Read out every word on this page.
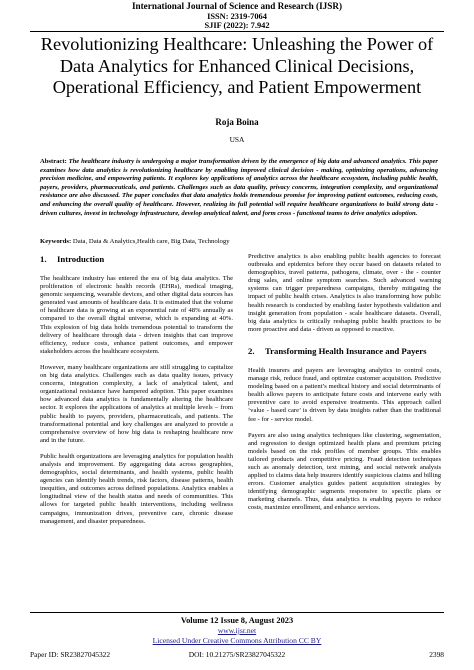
International Journal of Science and Research (IJSR)
ISSN: 2319-7064
SJIF (2022): 7.942
Revolutionizing Healthcare: Unleashing the Power of Data Analytics for Enhanced Clinical Decisions, Operational Efficiency, and Patient Empowerment
Roja Boina
USA
Abstract: The healthcare industry is undergoing a major transformation driven by the emergence of big data and advanced analytics. This paper examines how data analytics is revolutionizing healthcare by enabling improved clinical decision - making, optimizing operations, advancing precision medicine, and empowering patients. It explores key applications of analytics across the healthcare ecosystem, including public health, payers, providers, pharmaceuticals, and patients. Challenges such as data quality, privacy concerns, integration complexity, and organizational resistance are also discussed. The paper concludes that data analytics holds tremendous promise for improving patient outcomes, reducing costs, and enhancing the overall quality of healthcare. However, realizing its full potential will require healthcare organizations to build strong data - driven cultures, invest in technology infrastructure, develop analytical talent, and form cross - functional teams to drive analytics adoption.
Keywords: Data, Data & Analytics,Health care, Big Data, Technology
1. Introduction

The healthcare industry has entered the era of big data analytics. The proliferation of electronic health records (EHRs), medical imaging, genomic sequencing, wearable devices, and other digital data sources has generated vast amounts of healthcare data. It is estimated that the volume of healthcare data is growing at an exponential rate of 48% annually as compared to the overall digital universe, which is expanding at 40%. This explosion of big data holds tremendous potential to transform the delivery of healthcare through data - driven insights that can improve efficiency, reduce costs, enhance patient outcomes, and empower stakeholders across the healthcare ecosystem.

However, many healthcare organizations are still struggling to capitalize on big data analytics. Challenges such as data quality issues, privacy concerns, integration complexity, a lack of analytical talent, and organizational resistance have hampered adoption. This paper examines how advanced data analytics is fundamentally altering the healthcare sector. It explores the applications of analytics at multiple levels – from public health to payers, providers, pharmaceuticals, and patients. The transformational potential and key challenges are analyzed to provide a comprehensive overview of how big data is reshaping healthcare now and in the future.

Public health organizations are leveraging analytics for population health analysis and improvement. By aggregating data across geographies, demographics, social determinants, and health systems, public health agencies can identify health trends, risk factors, disease patterns, health inequities, and outcomes across defined populations. Analytics enables a longitudinal view of the health status and needs of communities. This allows for targeted public health interventions, including wellness campaigns, immunization drives, preventive care, chronic disease management, and disaster preparedness.

Predictive analytics is also enabling public health agencies to forecast outbreaks and epidemics before they occur based on datasets related to demographics, travel patterns, pathogens, climate, over - the - counter drug sales, and online symptom searches. Such advanced warning systems can trigger preparedness campaigns, thereby mitigating the impact of public health crises. Analytics is also transforming how public health research is conducted by enabling faster hypothesis validation and insight generation from population - scale healthcare datasets. Overall, big data analytics is critically reshaping public health practices to be more proactive and data - driven as opposed to reactive.

2. Transforming Health Insurance and Payers

Health insurers and payers are leveraging analytics to control costs, manage risk, reduce fraud, and optimize customer acquisition. Predictive modeling based on a patient’s medical history and social determinants of health allows payers to anticipate future costs and intervene early with preventive care to avoid expensive treatments. This approach called ‘value - based care’ is driven by data insights rather than the traditional fee - for - service model.

Payers are also using analytics techniques like clustering, segmentation, and regression to design optimized health plans and premium pricing models based on the risk profiles of member groups. This enables tailored products and competitive pricing. Fraud detection techniques such as anomaly detection, text mining, and social network analysis applied to claims data help insurers identify suspicious claims and billing errors. Customer analytics guides patient acquisition strategies by identifying demographic segments responsive to specific plans or marketing channels. Thus, data analytics is enabling payers to reduce costs, maximize enrollment, and enhance services.

Volume 12 Issue 8, August 2023
www.ijsr.net
Licensed Under Creative Commons Attribution CC BY
Paper ID: SR23827045322	DOI: 10.21275/SR23827045322	2398
